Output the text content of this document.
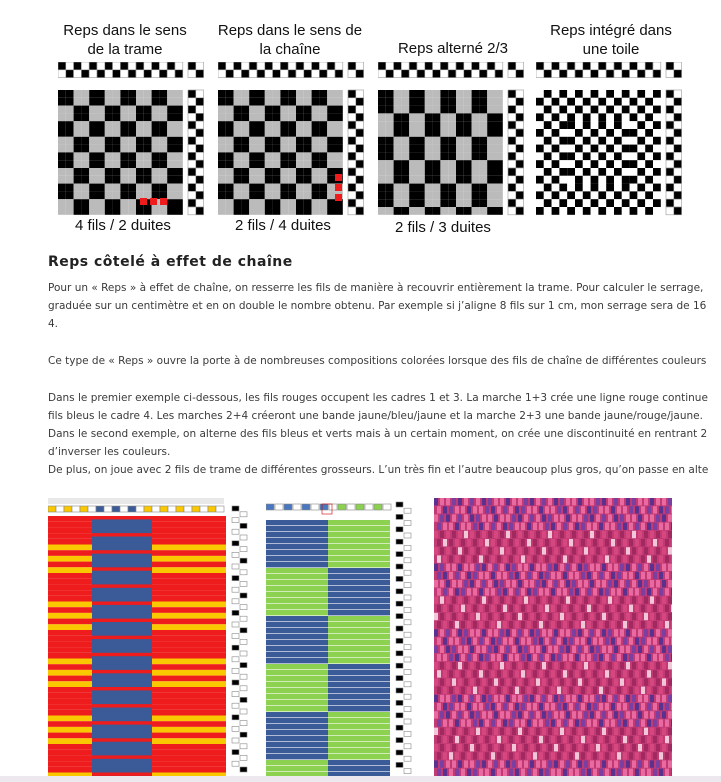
Reps dans le sens
de la trame
Reps dans le sens de
la chaîne	Reps alterné 2/3
Reps intégré dans
une toile
4 fils / 2 duites	2 fils / 4 duites	2 fils / 3 duites
Reps côtelé à effet de chaîne

Pour un « Reps » à effet de chaîne, on resserre les fils de manière à recouvrir entièrement la trame. Pour calculer le serrage,
graduée sur un centimètre et en on double le nombre obtenu. Par exemple si j’aligne 8 fils sur 1 cm, mon serrage sera de 16
4.

Ce type de « Reps » ouvre la porte à de nombreuses compositions colorées lorsque des fils de chaîne de différentes couleurs

Dans le premier exemple ci-dessous, les fils rouges occupent les cadres 1 et 3. La marche 1+3 crée une ligne rouge continue
fils bleus le cadre 4. Les marches 2+4 créeront une bande jaune/bleu/jaune et la marche 2+3 une bande jaune/rouge/jaune.
Dans le second exemple, on alterne des fils bleus et verts mais à un certain moment, on crée une discontinuité en rentrant 2
d’inverser les couleurs.
De plus, on joue avec 2 fils de trame de différentes grosseurs. L’un très fin et l’autre beaucoup plus gros, qu’on passe en alte
